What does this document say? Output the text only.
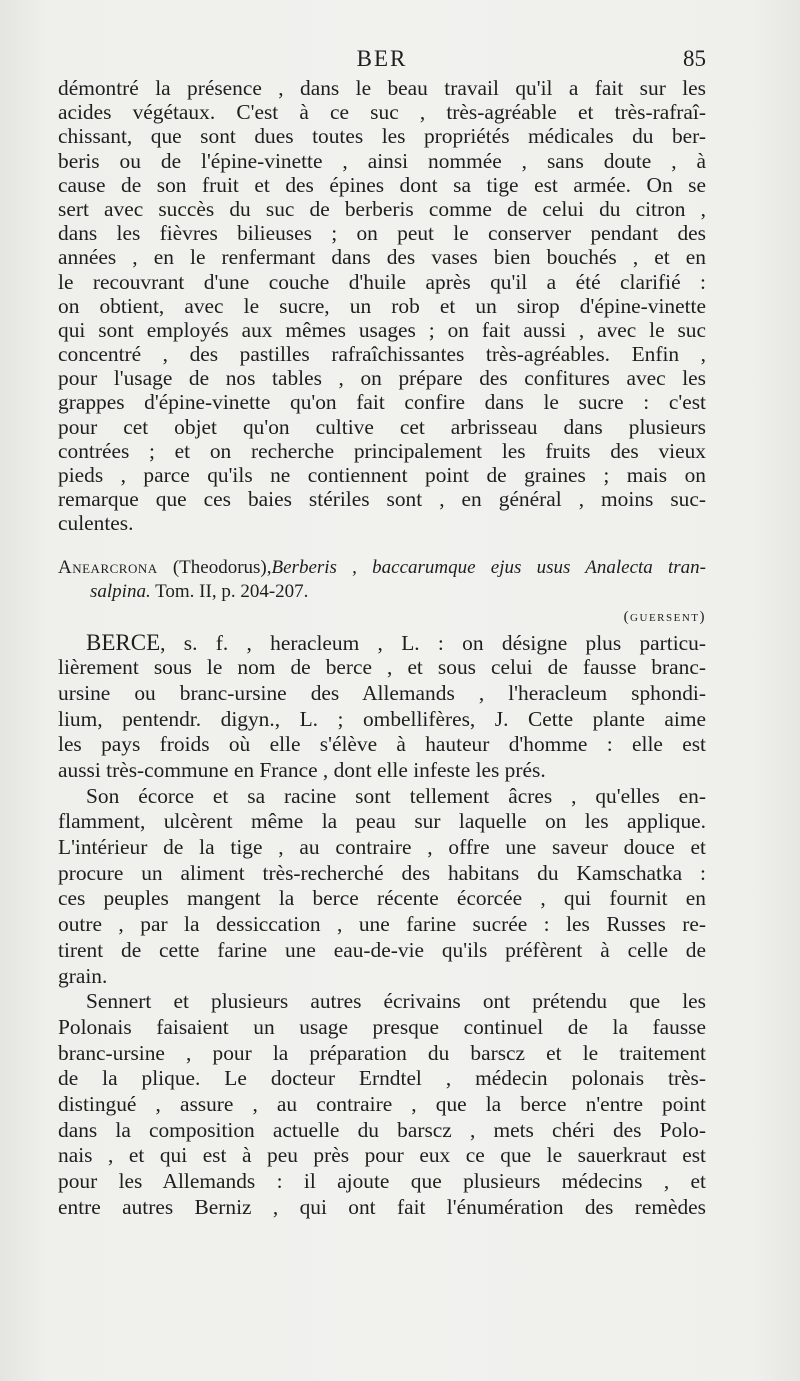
BER	85
démontré la présence , dans le beau travail qu'il a fait sur les
acides végétaux. C'est à ce suc , très-agréable et très-rafraî-
chissant, que sont dues toutes les propriétés médicales du ber-
beris ou de l'épine-vinette , ainsi nommée , sans doute , à
cause de son fruit et des épines dont sa tige est armée. On se
sert avec succès du suc de berberis comme de celui du citron ,
dans les fièvres bilieuses ; on peut le conserver pendant des
années , en le renfermant dans des vases bien bouchés , et en
le recouvrant d'une couche d'huile après qu'il a été clarifié :
on obtient, avec le sucre, un rob et un sirop d'épine-vinette
qui sont employés aux mêmes usages ; on fait aussi , avec le suc
concentré , des pastilles rafraîchissantes très-agréables. Enfin ,
pour l'usage de nos tables , on prépare des confitures avec les
grappes d'épine-vinette qu'on fait confire dans le sucre : c'est
pour cet objet qu'on cultive cet arbrisseau dans plusieurs
contrées ; et on recherche principalement les fruits des vieux
pieds , parce qu'ils ne contiennent point de graines ; mais on
remarque que ces baies stériles sont , en général , moins suc-
culentes.
Anearcrona (Theodorus),Berberis , baccarumque ejus usus Analecta tran-
salpina. Tom. II, p. 204-207.
(guersent)
BERCE, s. f. , heracleum , L. : on désigne plus particu-
lièrement sous le nom de berce , et sous celui de fausse branc-
ursine ou branc-ursine des Allemands , l'heracleum sphondi-
lium, pentendr. digyn., L. ; ombellifères, J. Cette plante aime
les pays froids où elle s'élève à hauteur d'homme : elle est
aussi très-commune en France , dont elle infeste les prés.
Son écorce et sa racine sont tellement âcres , qu'elles en-
flamment, ulcèrent même la peau sur laquelle on les applique.
L'intérieur de la tige , au contraire , offre une saveur douce et
procure un aliment très-recherché des habitans du Kamschatka :
ces peuples mangent la berce récente écorcée , qui fournit en
outre , par la dessiccation , une farine sucrée : les Russes re-
tirent de cette farine une eau-de-vie qu'ils préfèrent à celle de
grain.
Sennert et plusieurs autres écrivains ont prétendu que les
Polonais faisaient un usage presque continuel de la fausse
branc-ursine , pour la préparation du barscz et le traitement
de la plique. Le docteur Erndtel , médecin polonais très-
distingué , assure , au contraire , que la berce n'entre point
dans la composition actuelle du barscz , mets chéri des Polo-
nais , et qui est à peu près pour eux ce que le sauerkraut est
pour les Allemands : il ajoute que plusieurs médecins , et
entre autres Berniz , qui ont fait l'énumération des remèdes
